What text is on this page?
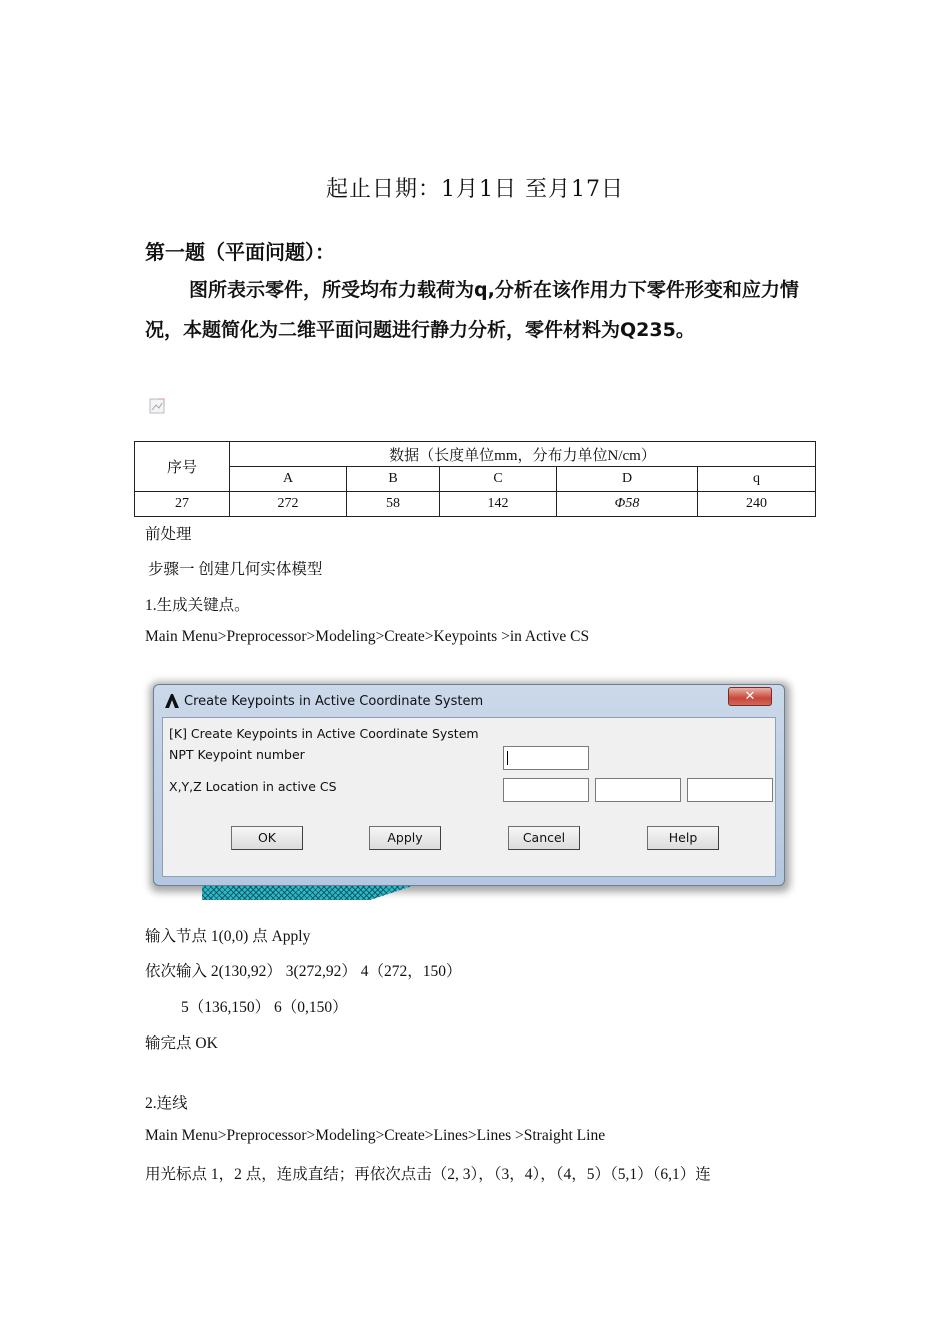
起止日期：1月1日 至月17日
第一题（平面问题）：
图所表示零件，所受均布力载荷为q,分析在该作用力下零件形变和应力情况，本题简化为二维平面问题进行静力分析，零件材料为Q235。
序号	数据（长度单位mm，分布力单位N/cm）				
	A	B	C	D	q
27	272	58	142	Φ58	240
前处理
步骤一 创建几何实体模型
1.生成关键点。
Main Menu>Preprocessor>Modeling>Create>Keypoints >in Active CS
Create Keypoints in Active Coordinate System	✕
[K] Create Keypoints in Active Coordinate System
NPT Keypoint number
X,Y,Z Location in active CS
OK	Apply	Cancel	Help
输入节点 1(0,0) 点 Apply
依次输入 2(130,92） 3(272,92） 4（272，150）
5（136,150） 6（0,150）
输完点 OK
2.连线
Main Menu>Preprocessor>Modeling>Create>Lines>Lines >Straight Line
用光标点 1，2 点，连成直结；再依次点击（2, 3），（3，4），（4，5）（5,1）（6,1）连
